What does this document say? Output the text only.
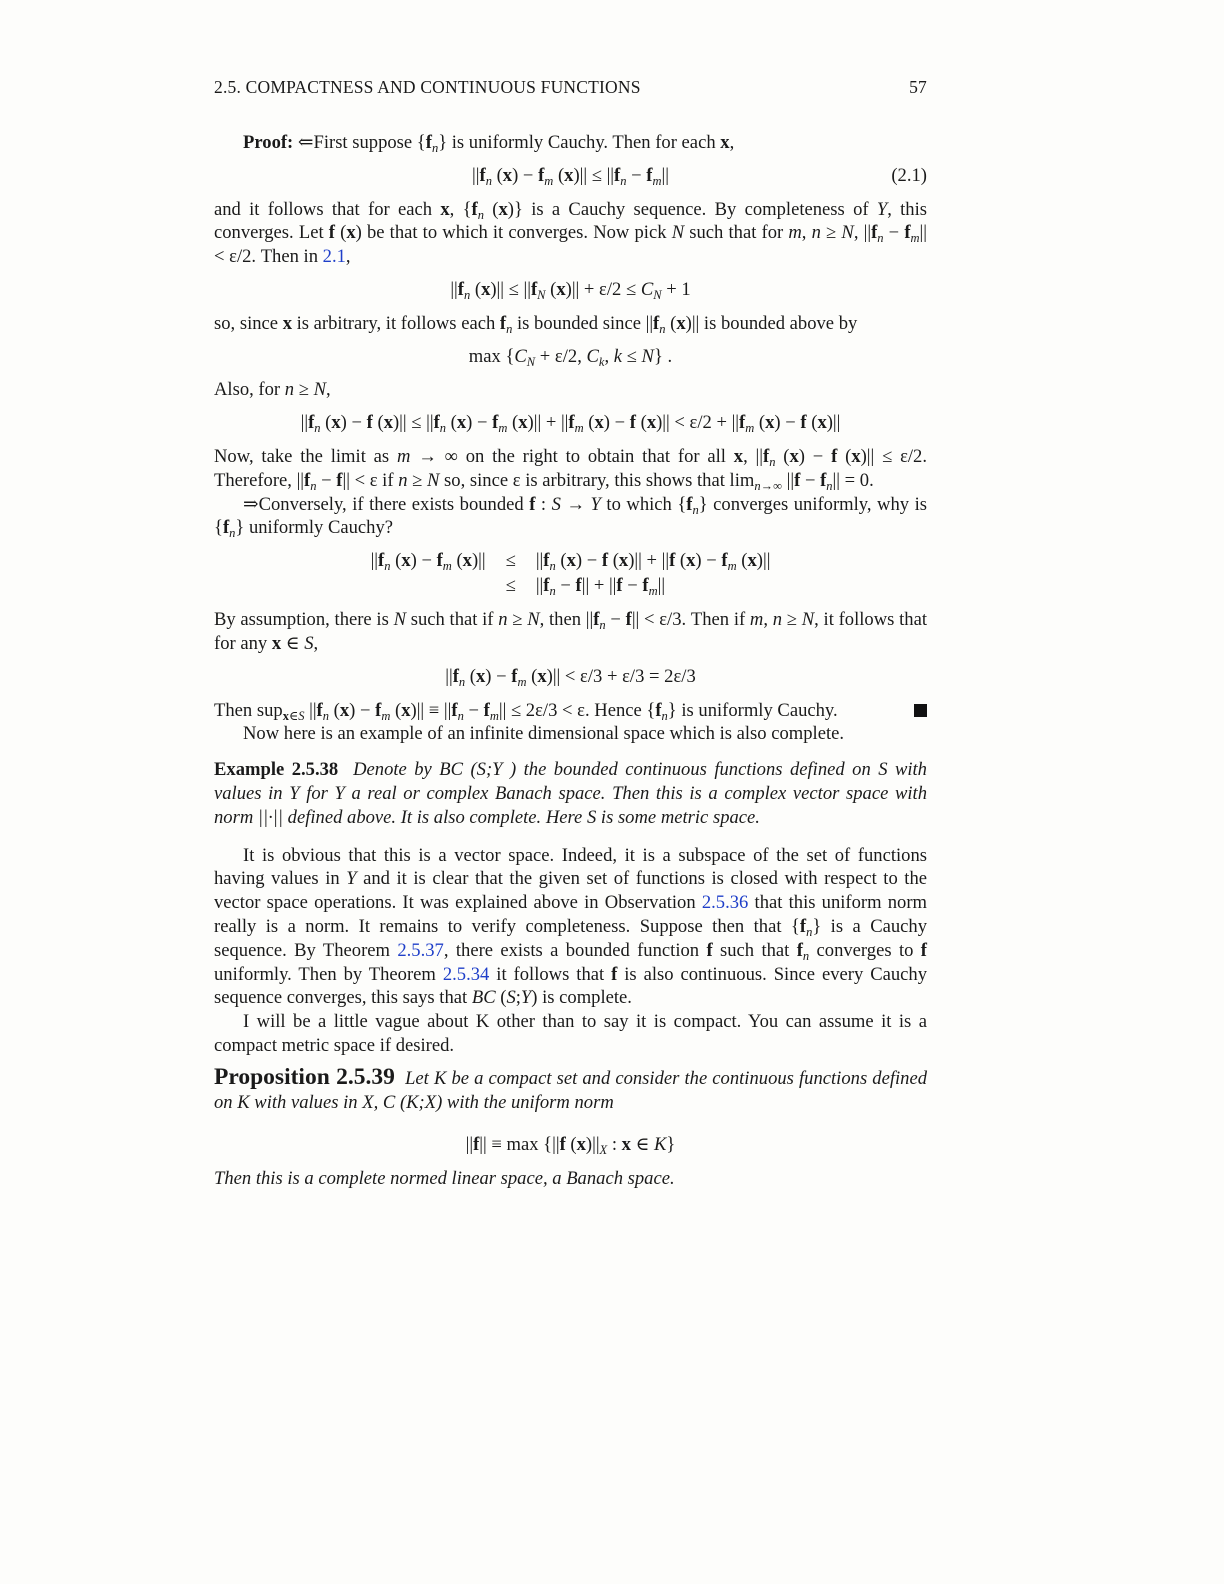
2.5. COMPACTNESS AND CONTINUOUS FUNCTIONS	57

Proof: ⇐First suppose $\{f_n\}$ is uniformly Cauchy. Then for each x,

$||f_n$ $(x) - f_m$ $(x)|| \le ||f_n - f_m||$	(2.1)

and it follows that for each x, {$f_n$ (x)} is a Cauchy sequence. By completeness of Y, this converges. Let f (x) be that to which it converges. Now pick N such that for m, n ≥ N, $||f_n - f_m|| < \varepsilon/2$. Then in 2.1,

$||f_n$ $(x)|| \le ||f_N$ $(x)|| + \varepsilon/2 \le C_N + 1$

so, since x is arbitrary, it follows each $f_n$ is bounded since $||f_n$ (x)|| is bounded above by

$\max \{C_N + \varepsilon/2$, $C_k$, k ≤ N} .

Also, for n ≥ N,

$||f_n$ (x) − f $(x)|| \le ||f_n$ $(x) - f_m$ $(x)|| + ||f_m$ (x) − f $(x)|| < \varepsilon/2 + ||f_m$ (x) − f (x)||

Now, take the limit as m → ∞ on the right to obtain that for all x, $||f_n$ (x) − f (x)|| ≤ ε/2. Therefore, $||f_n - f|| < \varepsilon$ if n ≥ N so, since ε is arbitrary, this shows that $\lim_{n\to\infty} ||f - f_n|| = 0$.

⇒Conversely, if there exists bounded f : S → Y to which $\{f_n\}$ converges uniformly, why is $\{f_n\}$ uniformly Cauchy?

$||f_n$ $(x) - f_m$ (x)||	≤	$||f_n$ (x) − f (x)|| + ||f $(x) - f_m$ (x)||
	≤	$||f_n - f|| + ||f - f_m||$

By assumption, there is N such that if n ≥ N, then $||f_n - f|| < \varepsilon/3$. Then if m, n ≥ N, it follows that for any x ∈ S,

$||f_n$ $(x) - f_m$ (x)|| < ε/3 + ε/3 = 2ε/3

Then sup$_{x\in S}$ $||f_n$ $(x) - f_m$ $(x)|| \equiv ||f_n - f_m|| \le 2\varepsilon/3 < \varepsilon$. Hence $\{f_n\}$ is uniformly Cauchy.

Now here is an example of an infinite dimensional space which is also complete.

Example 2.5.38 Denote by BC (S;Y ) the bounded continuous functions defined on S with values in Y for Y a real or complex Banach space. Then this is a complex vector space with norm ||·|| defined above. It is also complete. Here S is some metric space.

It is obvious that this is a vector space. Indeed, it is a subspace of the set of functions having values in Y and it is clear that the given set of functions is closed with respect to the vector space operations. It was explained above in Observation 2.5.36 that this uniform norm really is a norm. It remains to verify completeness. Suppose then that $\{f_n\}$ is a Cauchy sequence. By Theorem 2.5.37, there exists a bounded function f such that $f_n$ converges to f uniformly. Then by Theorem 2.5.34 it follows that f is also continuous. Since every Cauchy sequence converges, this says that BC (S;Y) is complete.

I will be a little vague about K other than to say it is compact. You can assume it is a compact metric space if desired.

Proposition 2.5.39 Let K be a compact set and consider the continuous functions defined on K with values in X, C (K;X) with the uniform norm

||f|| ≡ max {||f $(x)||_X$ : x ∈ K}

Then this is a complete normed linear space, a Banach space.
